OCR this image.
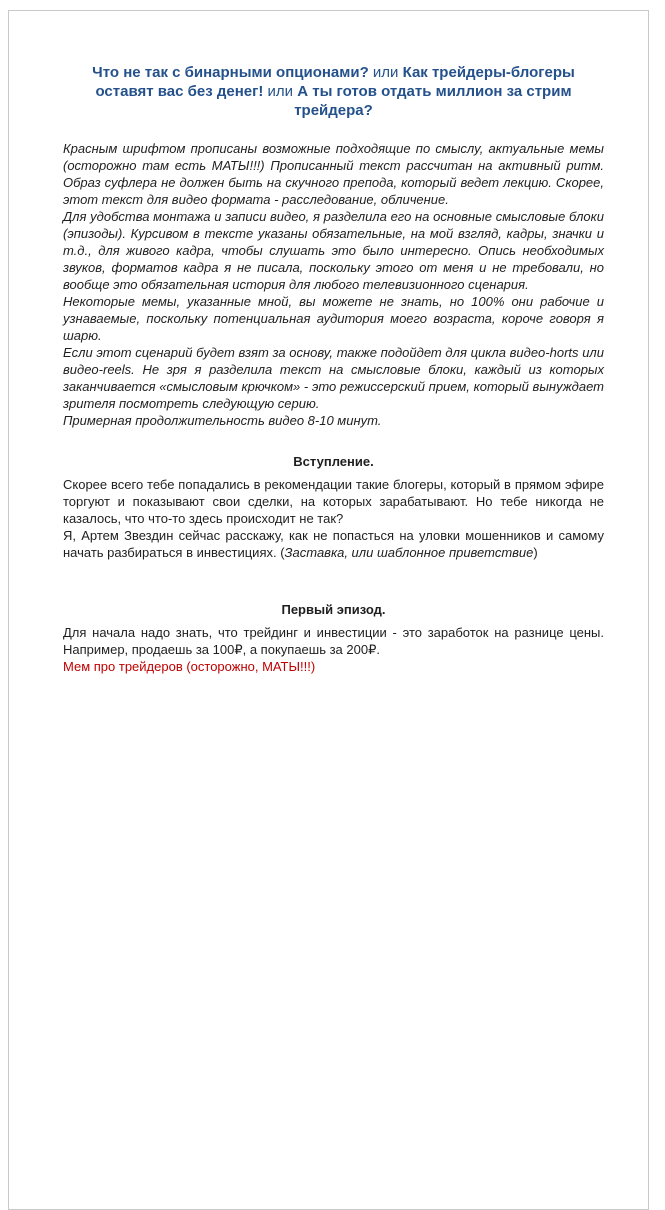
Что не так с бинарными опционами? или Как трейдеры-блогеры оставят вас без денег! или А ты готов отдать миллион за стрим трейдера?

Красным шрифтом прописаны возможные подходящие по смыслу, актуальные мемы (осторожно там есть МАТЫ!!!) Прописанный текст рассчитан на активный ритм. Образ суфлера не должен быть на скучного препода, который ведет лекцию. Скорее, этот текст для видео формата - расследование, обличение.

Для удобства монтажа и записи видео, я разделила его на основные смысловые блоки (эпизоды). Курсивом в тексте указаны обязательные, на мой взгляд, кадры, значки и т.д., для живого кадра, чтобы слушать это было интересно. Опись необходимых звуков, форматов кадра я не писала, поскольку этого от меня и не требовали, но вообще это обязательная история для любого телевизионного сценария.

Некоторые мемы, указанные мной, вы можете не знать, но 100% они рабочие и узнаваемые, поскольку потенциальная аудитория моего возраста, короче говоря я шарю.

Если этот сценарий будет взят за основу, также подойдет для цикла видео-horts или видео-reels. Не зря я разделила текст на смысловые блоки, каждый из которых заканчивается «смысловым крючком» - это режиссерский прием, который вынуждает зрителя посмотреть следующую серию.

Примерная продолжительность видео 8-10 минут.

Вступление.

Скорее всего тебе попадались в рекомендации такие блогеры, который в прямом эфире торгуют и показывают свои сделки, на которых зарабатывают. Но тебе никогда не казалось, что что-то здесь происходит не так?

Я, Артем Звездин сейчас расскажу, как не попасться на уловки мошенников и самому начать разбираться в инвестициях. (Заставка, или шаблонное приветствие)

Первый эпизод.

Для начала надо знать, что трейдинг и инвестиции - это заработок на разнице цены. Например, продаешь за 100₽, а покупаешь за 200₽.

Мем про трейдеров (осторожно, МАТЫ!!!)
